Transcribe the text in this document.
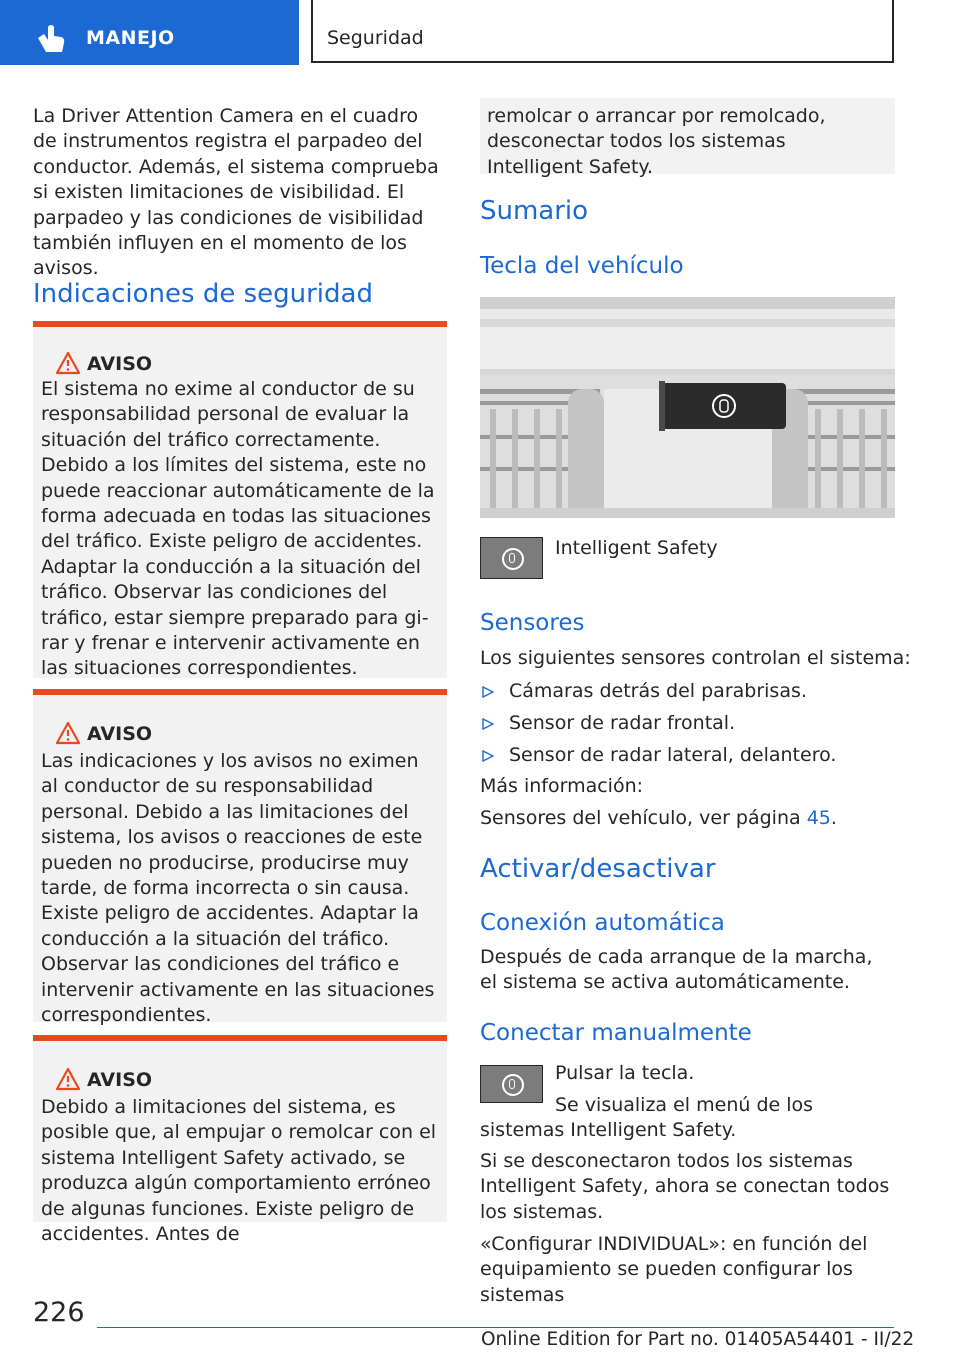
MANEJO	Seguridad
La Driver Attention Camera en el cuadro de instrumentos registra el parpadeo del conductor. Además, el sistema comprueba si existen limitaciones de visibilidad. El parpadeo y las condiciones de visibilidad también influyen en el momento de los avisos.
Indicaciones de seguridad
AVISO
El sistema no exime al conductor de su responsabilidad personal de evaluar la situación del tráfico correctamente. Debido a los límites del sistema, este no puede reaccionar automáticamente de la forma adecuada en todas las situaciones del tráfico. Existe peligro de accidentes. Adaptar la conducción a la situación del tráfico. Observar las condiciones del tráfico, estar siempre preparado para girar y frenar e intervenir activamente en las situaciones correspondientes.
AVISO
Las indicaciones y los avisos no eximen al conductor de su responsabilidad personal. Debido a las limitaciones del sistema, los avisos o reacciones de este pueden no producirse, producirse muy tarde, de forma incorrecta o sin causa. Existe peligro de accidentes. Adaptar la conducción a la situación del tráfico. Observar las condiciones del tráfico e intervenir activamente en las situaciones correspondientes.
AVISO
Debido a limitaciones del sistema, es posible que, al empujar o remolcar con el sistema Intelligent Safety activado, se produzca algún comportamiento erróneo de algunas funciones. Existe peligro de accidentes. Antes de
remolcar o arrancar por remolcado, desconectar todos los sistemas Intelligent Safety.
Sumario
Tecla del vehículo
Intelligent Safety
Sensores
Los siguientes sensores controlan el sistema:
Cámaras detrás del parabrisas.
Sensor de radar frontal.
Sensor de radar lateral, delantero.
Más información:
Sensores del vehículo, ver página 45.
Activar/desactivar
Conexión automática
Después de cada arranque de la marcha, el sistema se activa automáticamente.
Conectar manualmente
Pulsar la tecla.
Se visualiza el menú de los sistemas Intelligent Safety.
Si se desconectaron todos los sistemas Intelligent Safety, ahora se conectan todos los sistemas.
«Configurar INDIVIDUAL»: en función del equipamiento se pueden configurar los sistemas
226
Online Edition for Part no. 01405A54401 - II/22
